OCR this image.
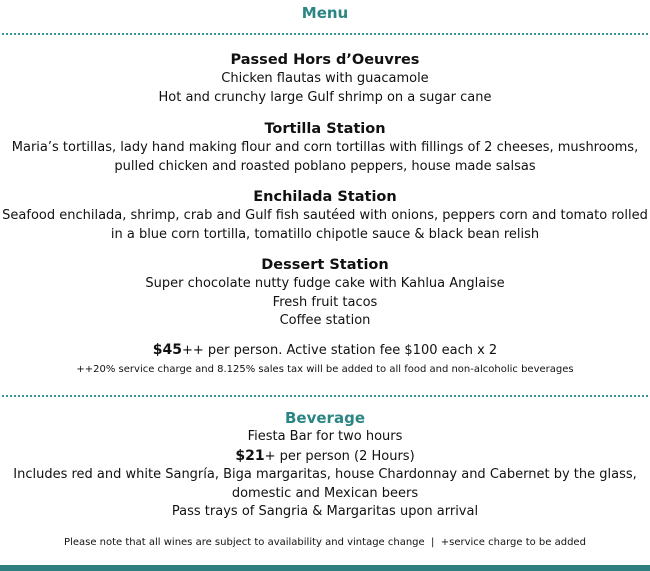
Menu
Passed Hors d’Oeuvres
Chicken flautas with guacamole
Hot and crunchy large Gulf shrimp on a sugar cane
Tortilla Station
Maria’s tortillas, lady hand making flour and corn tortillas with fillings of 2 cheeses, mushrooms,
pulled chicken and roasted poblano peppers, house made salsas
Enchilada Station
Seafood enchilada, shrimp, crab and Gulf fish sautéed with onions, peppers corn and tomato rolled
in a blue corn tortilla, tomatillo chipotle sauce & black bean relish
Dessert Station
Super chocolate nutty fudge cake with Kahlua Anglaise
Fresh fruit tacos
Coffee station
$45++ per person. Active station fee $100 each x 2
++20% service charge and 8.125% sales tax will be added to all food and non-alcoholic beverages
Beverage
Fiesta Bar for two hours
$21+ per person (2 Hours)
Includes red and white Sangría, Biga margaritas, house Chardonnay and Cabernet by the glass,
domestic and Mexican beers
Pass trays of Sangria & Margaritas upon arrival
Please note that all wines are subject to availability and vintage change  |  +service charge to be added
